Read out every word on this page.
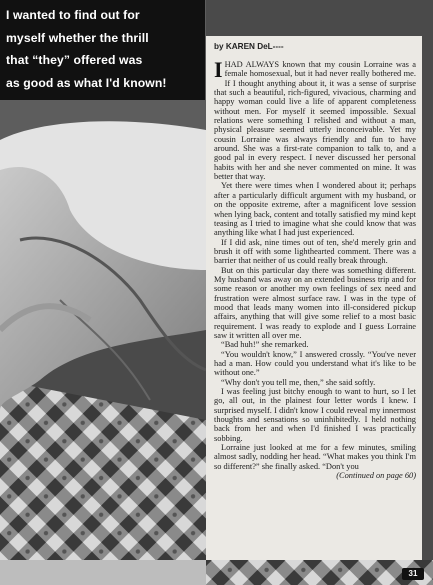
I wanted to find out for
myself whether the thrill
that “they” offered was
as good as what I'd known!

by KAREN DeL----

IHAD ALWAYS known that my cousin Lorraine was a female homosexual, but it had never really bothered me. If I thought anything about it, it was a sense of surprise that such a beautiful, rich-figured, vivacious, charming and happy woman could live a life of apparent completeness without men. For myself it seemed impossible. Sexual relations were something I relished and without a man, physical pleasure seemed utterly inconceivable. Yet my cousin Lorraine was always friendly and fun to have around. She was a first-rate companion to talk to, and a good pal in every respect. I never discussed her personal habits with her and she never commented on mine. It was better that way.

Yet there were times when I wondered about it; perhaps after a particularly difficult argument with my husband, or on the opposite extreme, after a magnificent love session when lying back, content and totally satisfied my mind kept teasing as I tried to imagine what she could know that was anything like what I had just experienced.

If I did ask, nine times out of ten, she'd merely grin and brush it off with some lighthearted comment. There was a barrier that neither of us could really break through.

But on this particular day there was something different. My husband was away on an extended business trip and for some reason or another my own feelings of sex need and frustration were almost surface raw. I was in the type of mood that leads many women into ill-considered pickup affairs, anything that will give some relief to a most basic requirement. I was ready to explode and I guess Lorraine saw it written all over me.

“Bad huh!” she remarked.

“You wouldn't know,” I answered crossly. “You've never had a man. How could you understand what it's like to be without one.”

“Why don't you tell me, then,” she said softly.

I was feeling just bitchy enough to want to hurt, so I let go, all out, in the plainest four letter words I knew. I surprised myself. I didn't know I could reveal my innermost thoughts and sensations so uninhibitedly. I held nothing back from her and when I'd finished I was practically sobbing.

Lorraine just looked at me for a few minutes, smiling almost sadly, nodding her head. “What makes you think I'm so different?” she finally asked. “Don't you
(Continued on page 60)

31
